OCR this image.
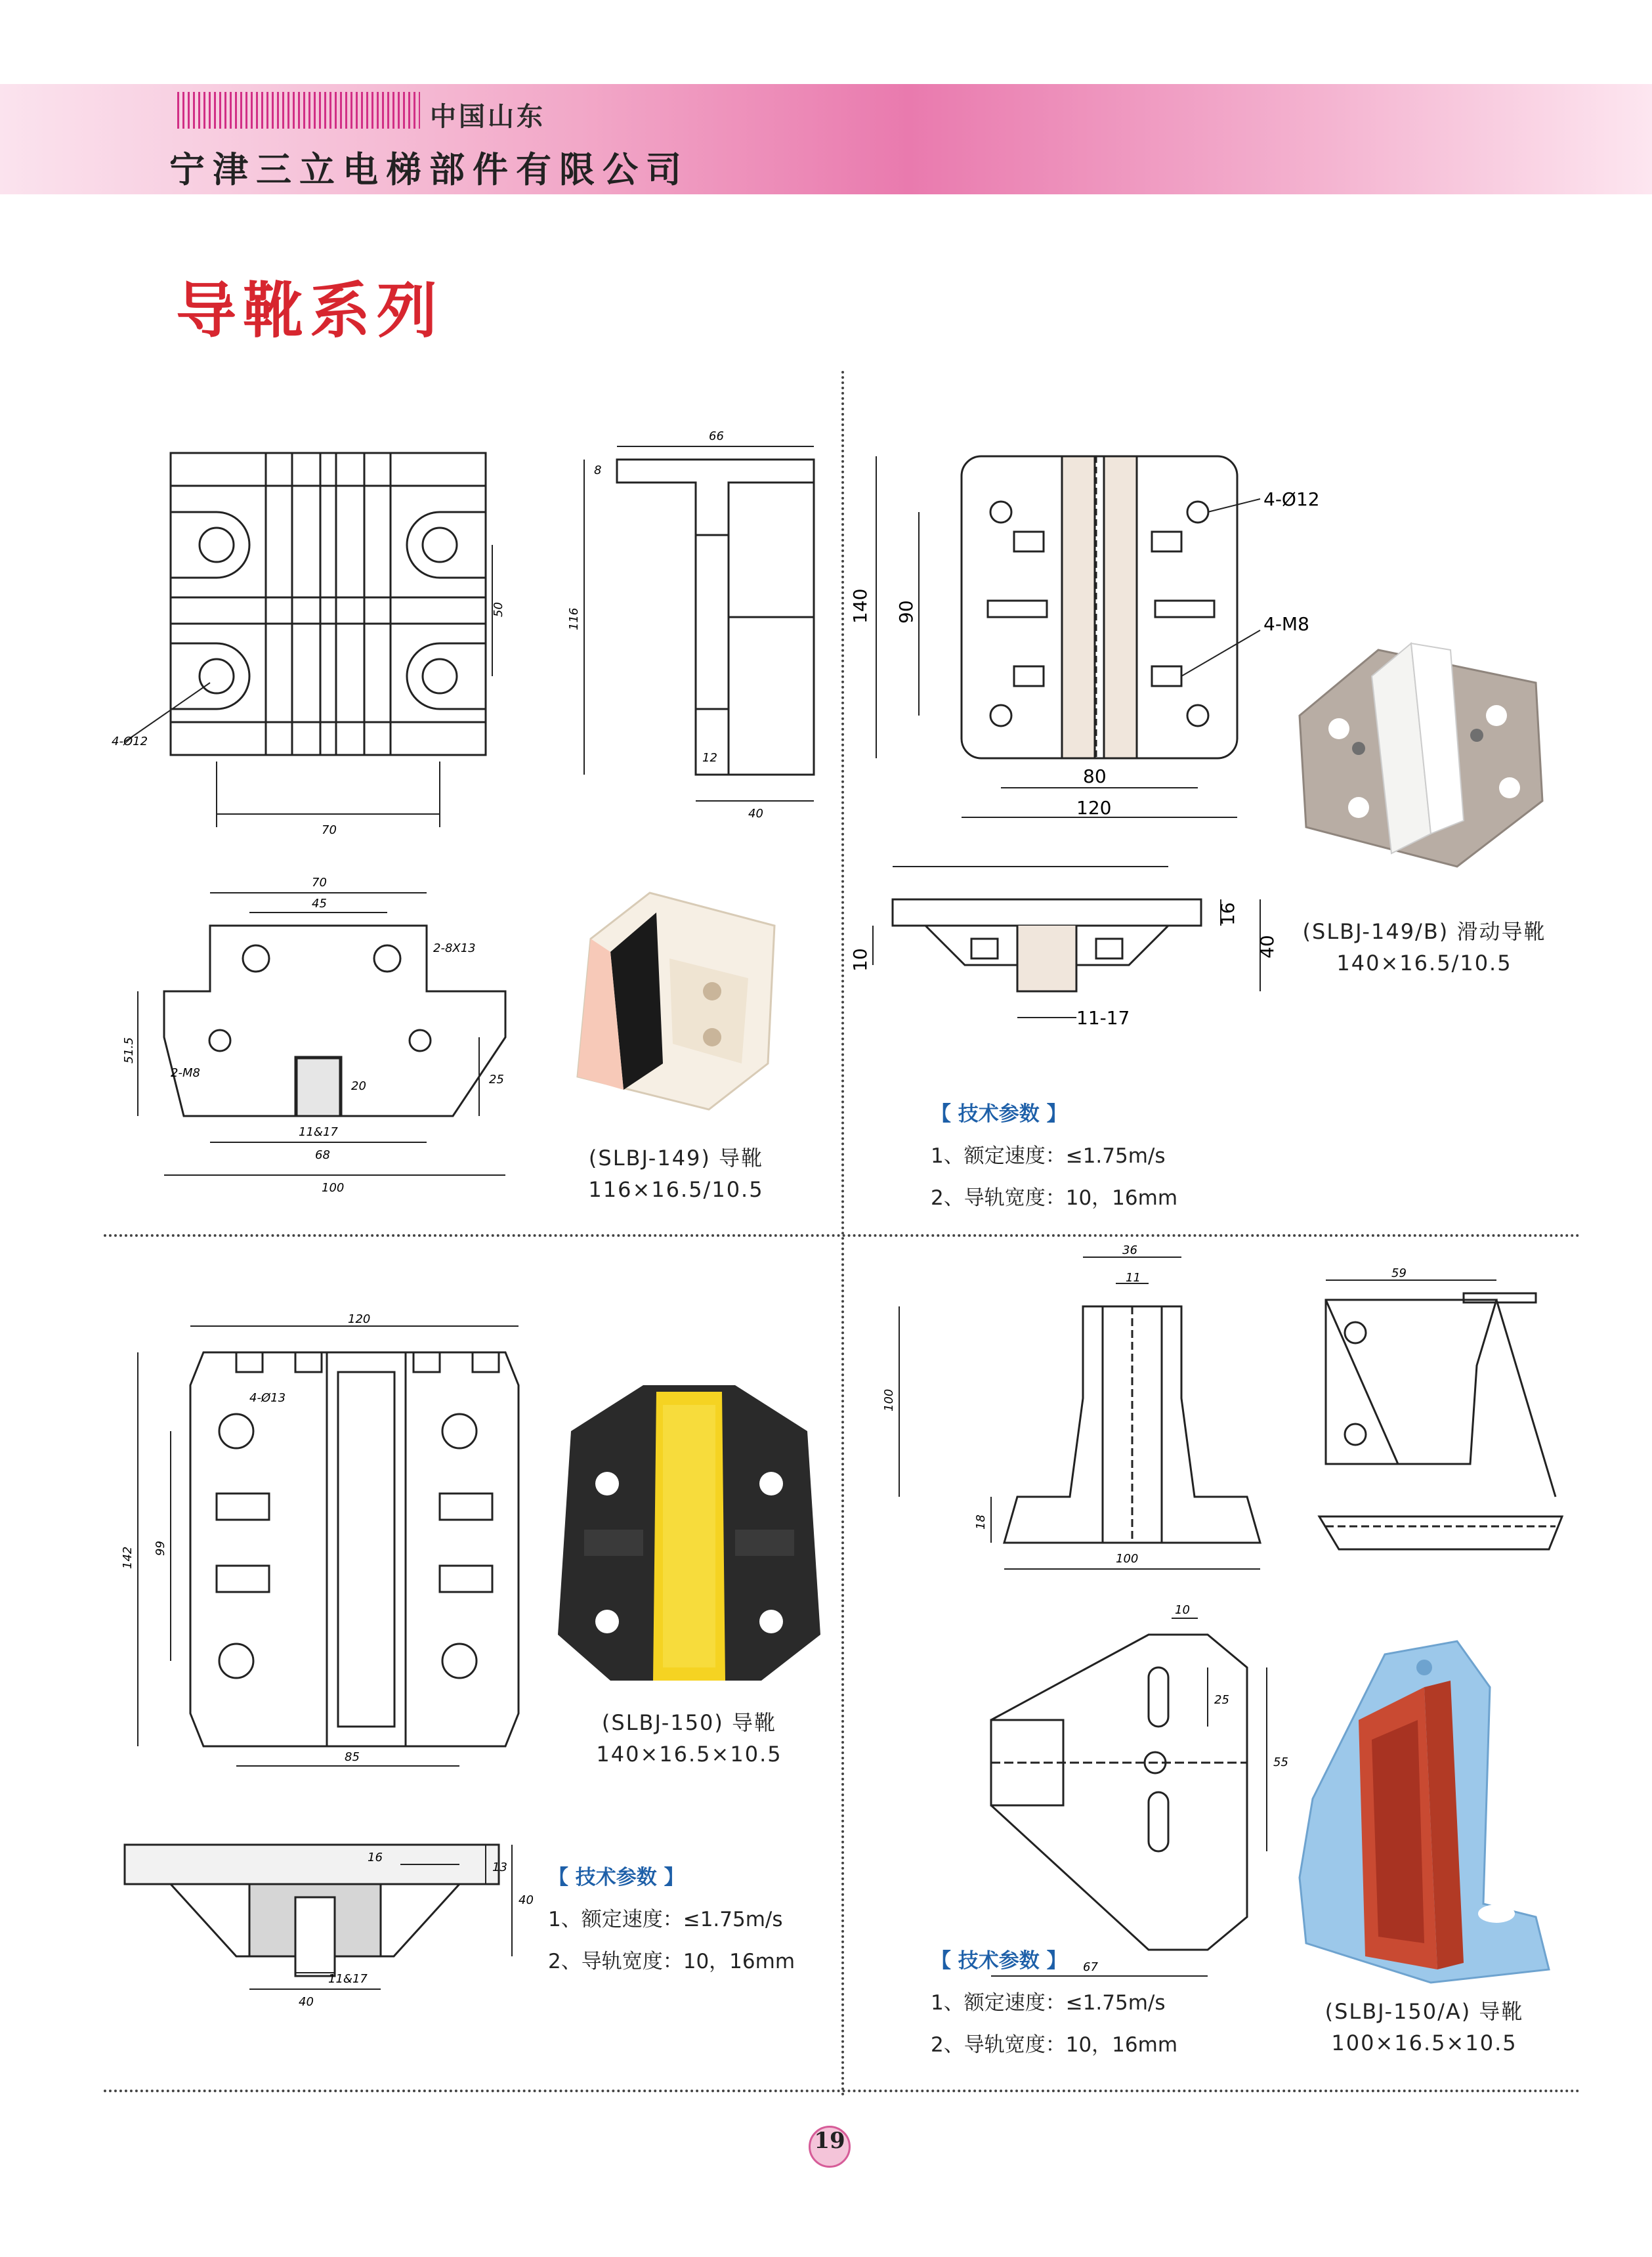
中国山东
宁津三立电梯部件有限公司
导靴系列
70
50
4-Ø12
66
8
116
12
40
70
45
2-8X13
51.5
2-M8
20	25
11&17
68
100
(SLBJ-149) 导靴
116×16.5/10.5
140 90
80
120
4-Ø12
4-M8
10
16
40
11-17
(SLBJ-149/B) 滑动导靴
140×16.5/10.5
【 技术参数 】
1、额定速度：≤1.75m/s
2、导轨宽度：10，16mm
120
4-Ø13
142 99
85
16
13
40
11&17
40
(SLBJ-150) 导靴
140×16.5×10.5
【 技术参数 】
1、额定速度：≤1.75m/s
2、导轨宽度：10，16mm
36
11
100
18
100
59
10
25
55
67
(SLBJ-150/A) 导靴
100×16.5×10.5
【 技术参数 】
1、额定速度：≤1.75m/s
2、导轨宽度：10，16mm
19
